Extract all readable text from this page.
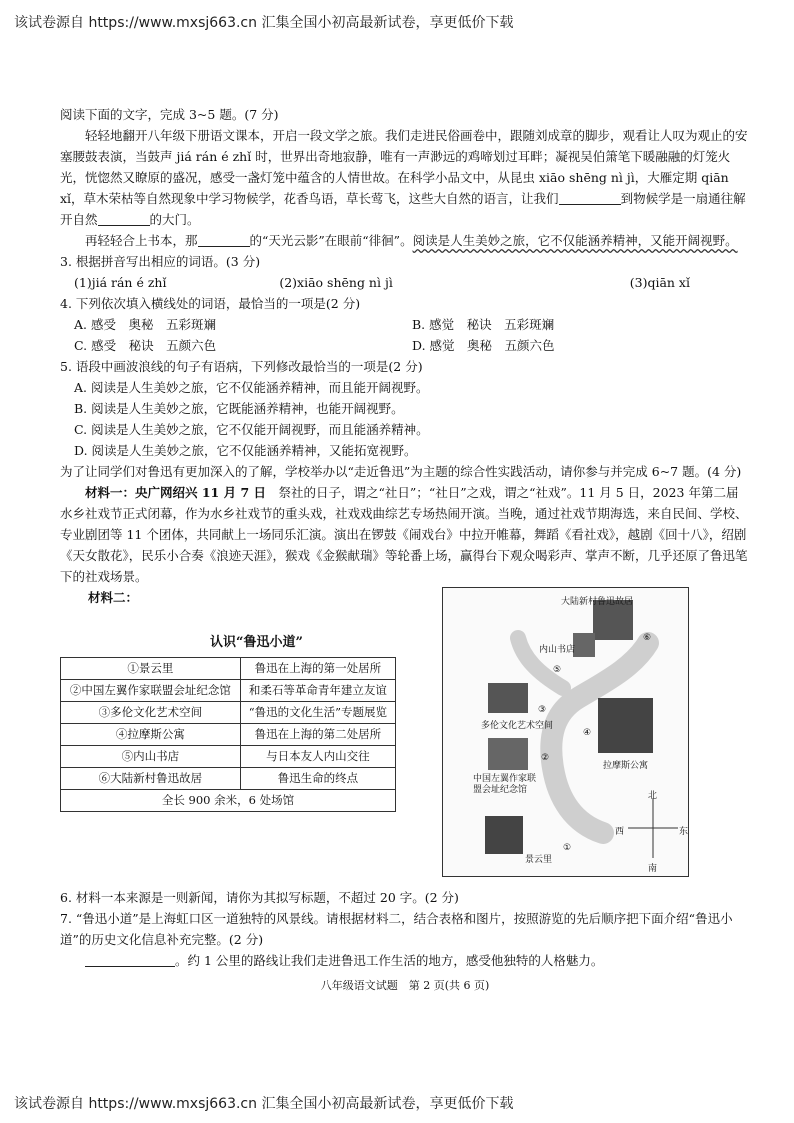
该试卷源自 https://www.mxsj663.cn 汇集全国小初高最新试卷，享更低价下载

阅读下面的文字，完成 3~5 题。(7 分)

轻轻地翻开八年级下册语文课本，开启一段文学之旅。我们走进民俗画卷中，跟随刘成章的脚步，观看让人叹为观止的安塞腰鼓表演，当鼓声 jiá rán é zhǐ 时，世界出奇地寂静，唯有一声渺远的鸡啼划过耳畔；凝视吴伯箫笔下暖融融的灯笼火光，恍惚然又瞭原的盛况，感受一盏灯笼中蕴含的人情世故。在科学小品文中，从昆虫 xiāo shēng nì jì，大雁定期 qiān xǐ，草木荣枯等自然现象中学习物候学，花香鸟语，草长莺飞，这些大自然的语言，让我们	到物候学是一扇通往解开自然	的大门。

再轻轻合上书本，那	的“天光云影”在眼前“徘徊”。阅读是人生美妙之旅，它不仅能涵养精神，又能开阔视野。

3. 根据拼音写出相应的词语。(3 分)

(1)jiá rán é zhǐ	(2)xiāo shēng nì jì	(3)qiān xǐ

4. 下列依次填入横线处的词语，最恰当的一项是(2 分)

A. 感受　奥秘　五彩斑斓	B. 感觉　秘诀　五彩斑斓
C. 感受　秘诀　五颜六色	D. 感觉　奥秘　五颜六色

5. 语段中画波浪线的句子有语病，下列修改最恰当的一项是(2 分)

A. 阅读是人生美妙之旅，它不仅能涵养精神，而且能开阔视野。
B. 阅读是人生美妙之旅，它既能涵养精神，也能开阔视野。
C. 阅读是人生美妙之旅，它不仅能开阔视野，而且能涵养精神。
D. 阅读是人生美妙之旅，它不仅能涵养精神，又能拓宽视野。

为了让同学们对鲁迅有更加深入的了解，学校举办以“走近鲁迅”为主题的综合性实践活动，请你参与并完成 6~7 题。(4 分)

材料一：央广网绍兴 11 月 7 日　 祭社的日子，谓之“社日”；“社日”之戏，谓之“社戏”。11 月 5 日，2023 年第二届水乡社戏节正式闭幕，作为水乡社戏节的重头戏，社戏戏曲综艺专场热闹开演。当晚，通过社戏节期海选，来自民间、学校、专业剧团等 11 个团体，共同献上一场同乐汇演。演出在锣鼓《闹戏台》中拉开帷幕，舞蹈《看社戏》，越剧《回十八》，绍剧《天女散花》，民乐小合奏《浪迹天涯》，猴戏《金猴献瑞》等轮番上场，赢得台下观众喝彩声、掌声不断，几乎还原了鲁迅笔下的社戏场景。

材料二：
认识“鲁迅小道”
①景云里	鲁迅在上海的第一处居所
②中国左翼作家联盟会址纪念馆	和柔石等革命青年建立友谊
③多伦文化艺术空间	“鲁迅的文化生活”专题展览
④拉摩斯公寓	鲁迅在上海的第二处居所
⑤内山书店	与日本友人内山交往
⑥大陆新村鲁迅故居	鲁迅生命的终点
全长 900 余米，6 处场馆	
大陆新村鲁迅故居
内山书店
多伦文化艺术空间
拉摩斯公寓
中国左翼作家联盟会址纪念馆
景云里
⑥
⑤
③
④
②
①
北
南
东
西

6. 材料一本来源是一则新闻，请你为其拟写标题，不超过 20 字。(2 分)

7. “鲁迅小道”是上海虹口区一道独特的风景线。请根据材料二，结合表格和图片，按照游览的先后顺序把下面介绍“鲁迅小道”的历史文化信息补充完整。(2 分)

。约 1 公里的路线让我们走进鲁迅工作生活的地方，感受他独特的人格魅力。

八年级语文试题　第 2 页(共 6 页)
该试卷源自 https://www.mxsj663.cn 汇集全国小初高最新试卷，享更低价下载
